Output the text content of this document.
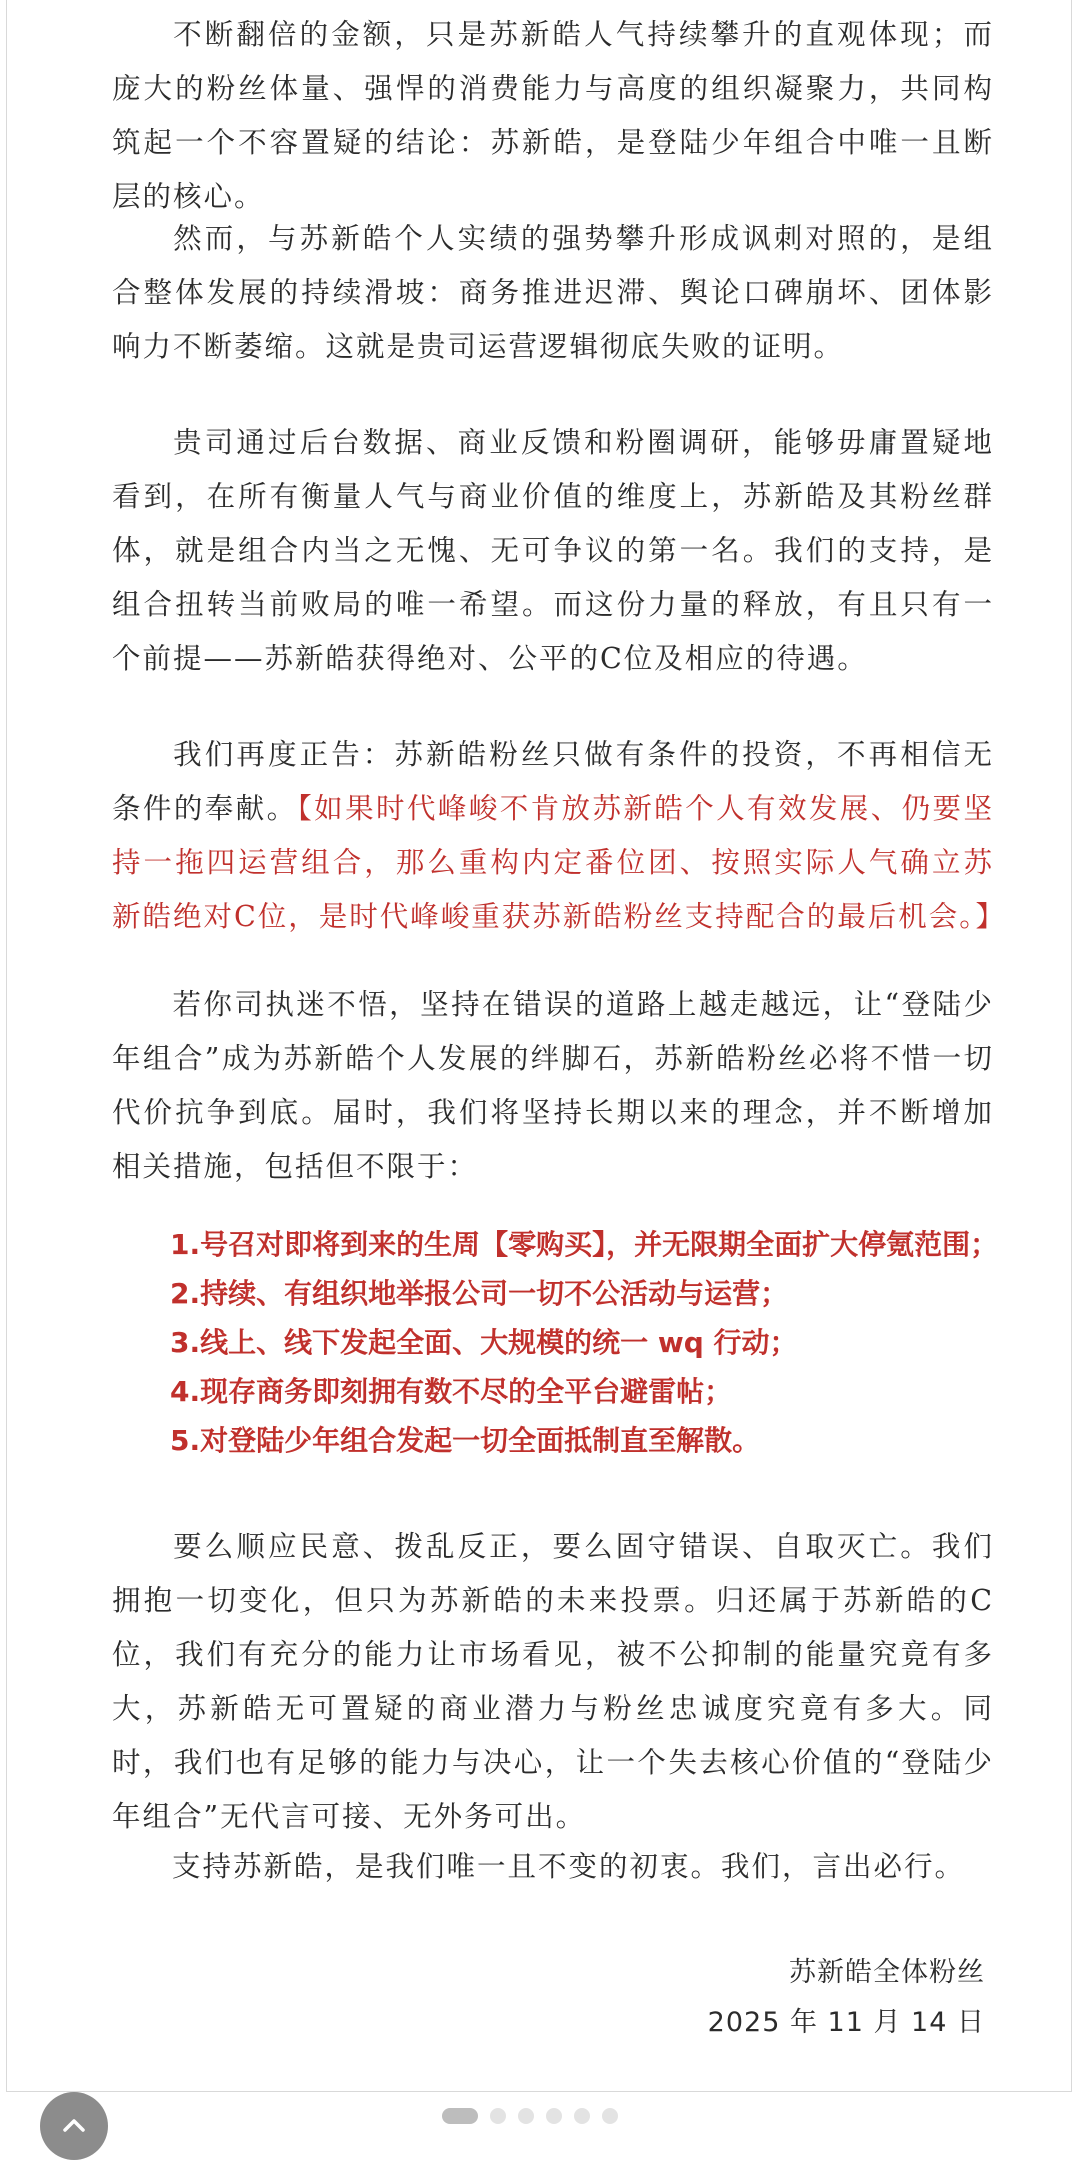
不断翻倍的金额，只是苏新皓人气持续攀升的直观体现；而庞大的粉丝体量、强悍的消费能力与高度的组织凝聚力，共同构筑起一个不容置疑的结论：苏新皓，是登陆少年组合中唯一且断层的核心。

然而，与苏新皓个人实绩的强势攀升形成讽刺对照的，是组合整体发展的持续滑坡：商务推进迟滞、舆论口碑崩坏、团体影响力不断萎缩。这就是贵司运营逻辑彻底失败的证明。

贵司通过后台数据、商业反馈和粉圈调研，能够毋庸置疑地看到，在所有衡量人气与商业价值的维度上，苏新皓及其粉丝群体，就是组合内当之无愧、无可争议的第一名。我们的支持，是组合扭转当前败局的唯一希望。而这份力量的释放，有且只有一个前提——苏新皓获得绝对、公平的C位及相应的待遇。

我们再度正告：苏新皓粉丝只做有条件的投资，不再相信无条件的奉献。【如果时代峰峻不肯放苏新皓个人有效发展、仍要坚持一拖四运营组合，那么重构内定番位团、按照实际人气确立苏新皓绝对C位，是时代峰峻重获苏新皓粉丝支持配合的最后机会。】

若你司执迷不悟，坚持在错误的道路上越走越远，让“登陆少年组合”成为苏新皓个人发展的绊脚石，苏新皓粉丝必将不惜一切代价抗争到底。届时，我们将坚持长期以来的理念，并不断增加相关措施，包括但不限于：

1.号召对即将到来的生周【零购买】，并无限期全面扩大停氪范围；
2.持续、有组织地举报公司一切不公活动与运营；
3.线上、线下发起全面、大规模的统一 wq 行动；
4.现存商务即刻拥有数不尽的全平台避雷帖；
5.对登陆少年组合发起一切全面抵制直至解散。

要么顺应民意、拨乱反正，要么固守错误、自取灭亡。我们拥抱一切变化，但只为苏新皓的未来投票。归还属于苏新皓的C位，我们有充分的能力让市场看见，被不公抑制的能量究竟有多大，苏新皓无可置疑的商业潜力与粉丝忠诚度究竟有多大。同时，我们也有足够的能力与决心，让一个失去核心价值的“登陆少年组合”无代言可接、无外务可出。

支持苏新皓，是我们唯一且不变的初衷。我们，言出必行。

苏新皓全体粉丝
2025 年 11 月 14 日
